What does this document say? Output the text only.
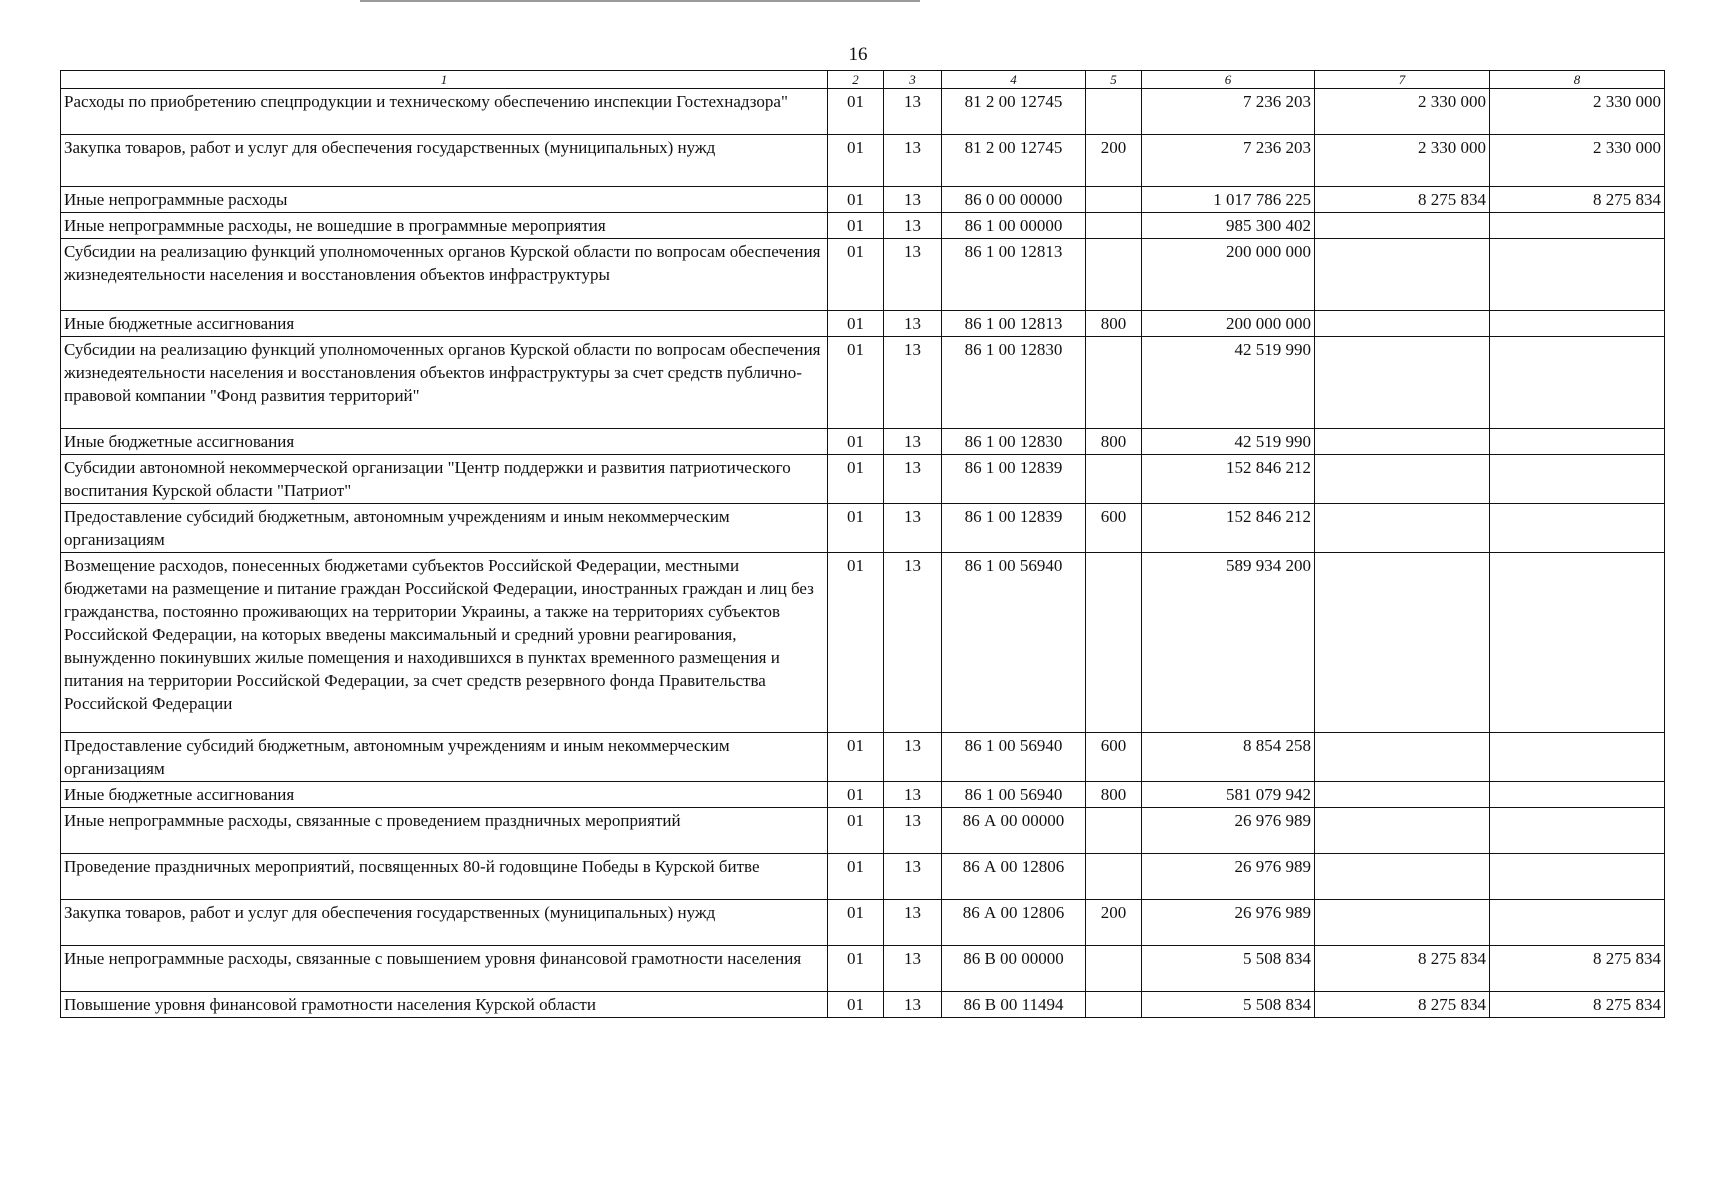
16
1	2	3	4	5	6	7	8
Расходы по приобретению спецпродукции и техническому обеспечению инспекции Гостехнадзора"	01	13	81 2 00 12745		7 236 203	2 330 000	2 330 000
Закупка товаров, работ и услуг для обеспечения государственных (муниципальных) нужд	01	13	81 2 00 12745	200	7 236 203	2 330 000	2 330 000
Иные непрограммные расходы	01	13	86 0 00 00000		1 017 786 225	8 275 834	8 275 834
Иные непрограммные расходы, не вошедшие в программные мероприятия	01	13	86 1 00 00000		985 300 402		
Субсидии на реализацию функций уполномоченных органов Курской области по вопросам обеспечения жизнедеятельности населения и восстановления объектов инфраструктуры	01	13	86 1 00 12813		200 000 000		
Иные бюджетные ассигнования	01	13	86 1 00 12813	800	200 000 000		
Субсидии на реализацию функций уполномоченных органов Курской области по вопросам обеспечения жизнедеятельности населения и восстановления объектов инфраструктуры за счет средств публично-правовой компании "Фонд развития территорий"	01	13	86 1 00 12830		42 519 990		
Иные бюджетные ассигнования	01	13	86 1 00 12830	800	42 519 990		
Субсидии автономной некоммерческой организации "Центр поддержки и развития патриотического воспитания Курской области "Патриот"	01	13	86 1 00 12839		152 846 212		
Предоставление субсидий бюджетным, автономным учреждениям и иным некоммерческим организациям	01	13	86 1 00 12839	600	152 846 212		
Возмещение расходов, понесенных бюджетами субъектов Российской Федерации, местными бюджетами на размещение и питание граждан Российской Федерации, иностранных граждан и лиц без гражданства, постоянно проживающих на территории Украины, а также на территориях субъектов Российской Федерации, на которых введены максимальный и средний уровни реагирования, вынужденно покинувших жилые помещения и находившихся в пунктах временного размещения и питания на территории Российской Федерации, за счет средств резервного фонда Правительства Российской Федерации	01	13	86 1 00 56940		589 934 200		
Предоставление субсидий бюджетным, автономным учреждениям и иным некоммерческим организациям	01	13	86 1 00 56940	600	8 854 258		
Иные бюджетные ассигнования	01	13	86 1 00 56940	800	581 079 942		
Иные непрограммные расходы, связанные с проведением праздничных мероприятий	01	13	86 А 00 00000		26 976 989		
Проведение праздничных мероприятий, посвященных 80-й годовщине Победы в Курской битве	01	13	86 А 00 12806		26 976 989		
Закупка товаров, работ и услуг для обеспечения государственных (муниципальных) нужд	01	13	86 А 00 12806	200	26 976 989		
Иные непрограммные расходы, связанные с повышением уровня финансовой грамотности населения	01	13	86 В 00 00000		5 508 834	8 275 834	8 275 834
Повышение уровня финансовой грамотности населения Курской области	01	13	86 В 00 11494		5 508 834	8 275 834	8 275 834
